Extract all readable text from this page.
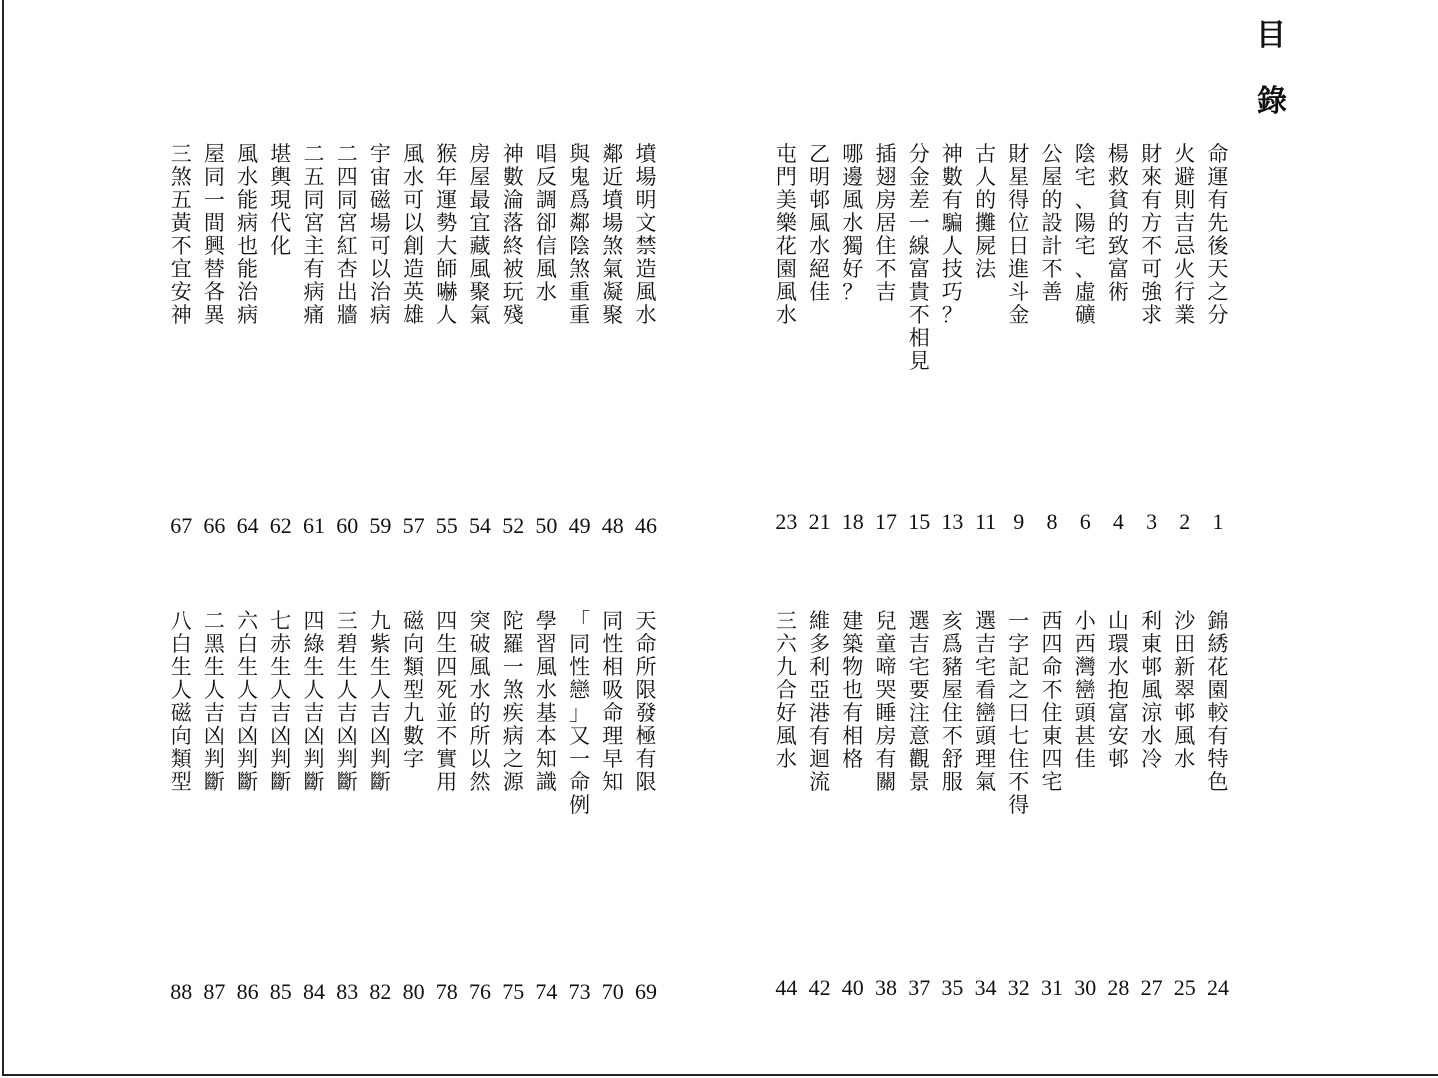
目
錄
命運有先後天之分
1
火避則吉忌火行業
2
財來有方不可強求
3
楊救貧的致富術
4
陰宅、陽宅、虛礦
6
公屋的設計不善
8
財星得位日進斗金
9
古人的攤屍法
11
神數有騙人技巧？
13
分金差一線富貴不相見
15
插翅房居住不吉
17
哪邊風水獨好？
18
乙明邨風水絕佳
21
屯門美樂花園風水
23
墳場明文禁造風水
46
鄰近墳場煞氣凝聚
48
與鬼爲鄰陰煞重重
49
唱反調卻信風水
50
神數淪落終被玩殘
52
房屋最宜藏風聚氣
54
猴年運勢大師嚇人
55
風水可以創造英雄
57
宇宙磁場可以治病
59
二四同宮紅杏出牆
60
二五同宮主有病痛
61
堪輿現代化
62
風水能病也能治病
64
屋同一間興替各異
66
三煞五黃不宜安神
67
錦綉花園較有特色
24
沙田新翠邨風水
25
利東邨風涼水冷
27
山環水抱富安邨
28
小西灣巒頭甚佳
30
西四命不住東四宅
31
一字記之曰七住不得
32
選吉宅看巒頭理氣
34
亥爲豬屋住不舒服
35
選吉宅要注意觀景
37
兒童啼哭睡房有關
38
建築物也有相格
40
維多利亞港有迴流
42
三六九合好風水
44
天命所限發極有限
69
同性相吸命理早知
70
「同性戀」又一命例
73
學習風水基本知識
74
陀羅一煞疾病之源
75
突破風水的所以然
76
四生四死並不實用
78
磁向類型九數字
80
九紫生人吉凶判斷
82
三碧生人吉凶判斷
83
四綠生人吉凶判斷
84
七赤生人吉凶判斷
85
六白生人吉凶判斷
86
二黑生人吉凶判斷
87
八白生人磁向類型
88
